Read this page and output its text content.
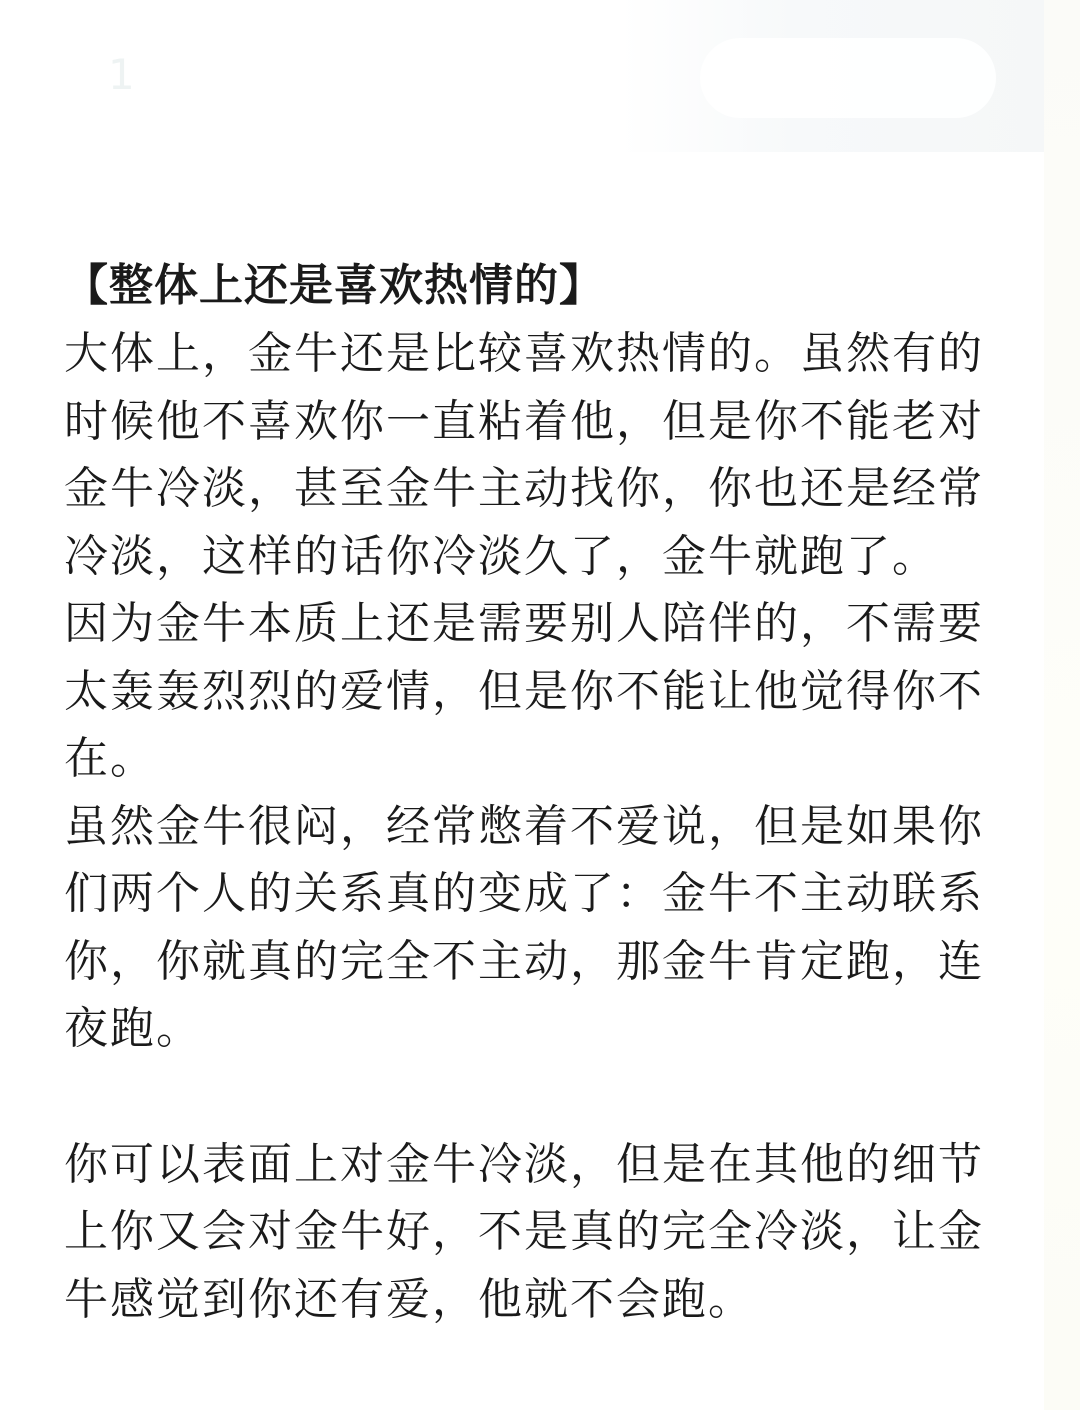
1
【整体上还是喜欢热情的】

大体上，金牛还是比较喜欢热情的。虽然有的时候他不喜欢你一直粘着他，但是你不能老对金牛冷淡，甚至金牛主动找你，你也还是经常冷淡，这样的话你冷淡久了，金牛就跑了。

因为金牛本质上还是需要别人陪伴的，不需要太轰轰烈烈的爱情，但是你不能让他觉得你不在。

虽然金牛很闷，经常憋着不爱说，但是如果你们两个人的关系真的变成了：金牛不主动联系你，你就真的完全不主动，那金牛肯定跑，连夜跑。

你可以表面上对金牛冷淡，但是在其他的细节上你又会对金牛好，不是真的完全冷淡，让金牛感觉到你还有爱，他就不会跑。
